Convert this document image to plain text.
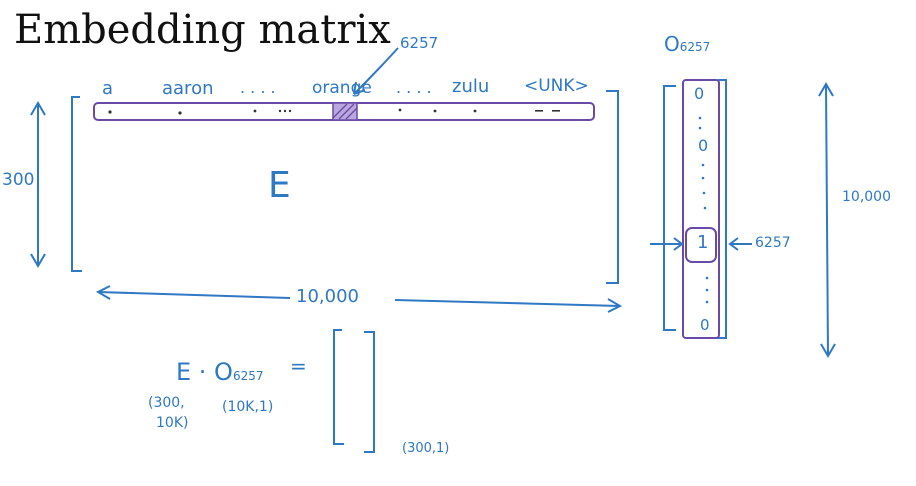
Embedding matrix 6257	O6257
a	aaron . . . . orange . . . . zulu <UNK>
300	E
10,000
0
0
1
0
6257
10,000
E · O6257 =
(300,
10K)
(10K,1)
(300,1)
